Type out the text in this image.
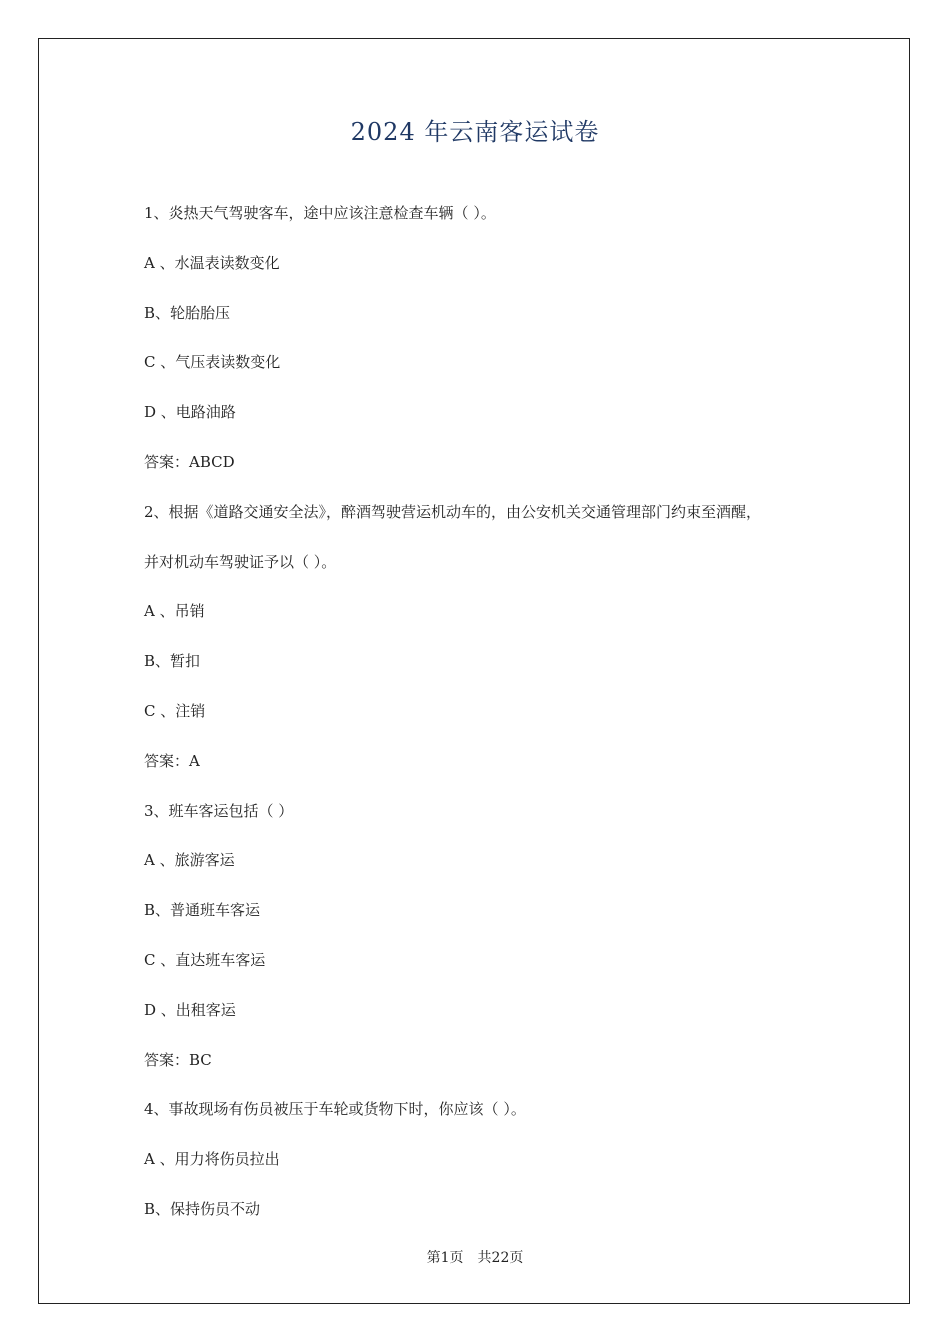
2024 年云南客运试卷
1、炎热天气驾驶客车，途中应该注意检查车辆（ ）。
A 、水温表读数变化
B、轮胎胎压
C 、气压表读数变化
D 、电路油路
答案：ABCD
2、根据《道路交通安全法》，醉酒驾驶营运机动车的，由公安机关交通管理部门约束至酒醒，
并对机动车驾驶证予以（ ）。
A 、吊销
B、暂扣
C 、注销
答案：A
3、班车客运包括（ ）
A 、旅游客运
B、普通班车客运
C 、直达班车客运
D 、出租客运
答案：BC
4、事故现场有伤员被压于车轮或货物下时，你应该（ ）。
A 、用力将伤员拉出
B、保持伤员不动
第1页 共22页
